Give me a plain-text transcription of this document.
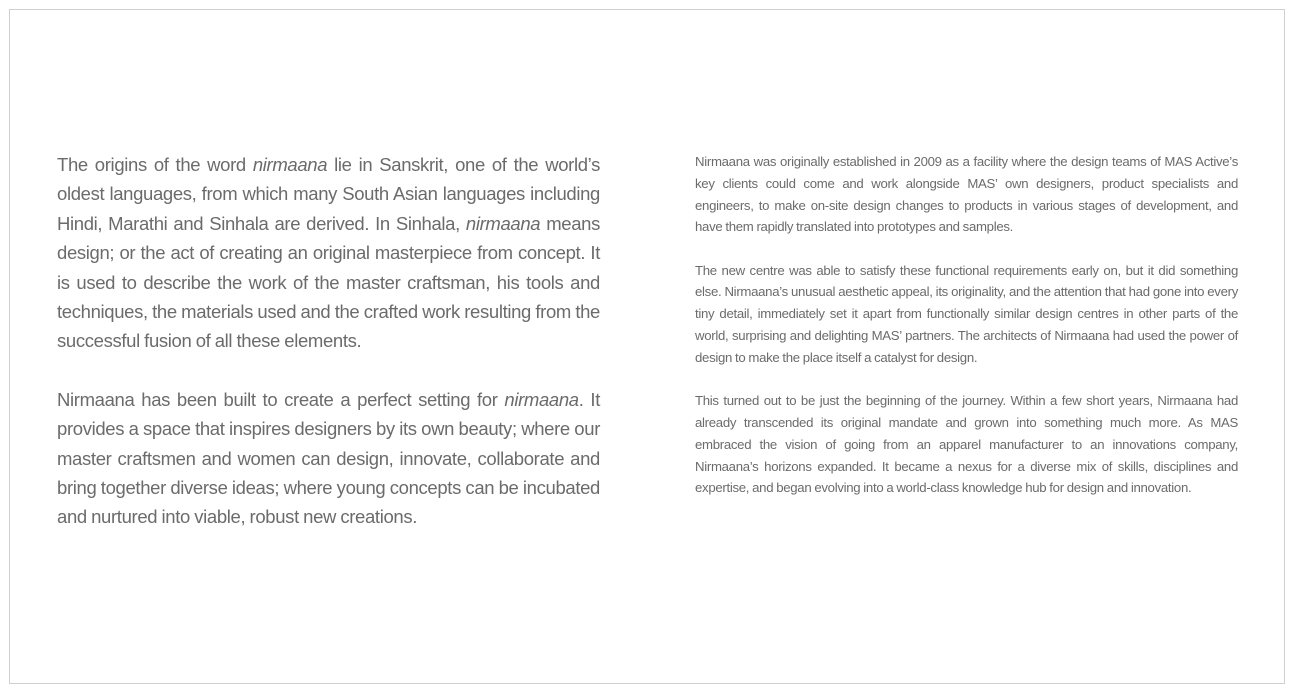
The origins of the word nirmaana lie in Sanskrit, one of the world’s oldest languages, from which many South Asian languages including Hindi, Marathi and Sinhala are derived. In Sinhala, nirmaana means design; or the act of creating an original masterpiece from concept. It is used to describe the work of the master craftsman, his tools and techniques, the materials used and the crafted work resulting from the successful fusion of all these elements.

Nirmaana has been built to create a perfect setting for nirmaana. It provides a space that inspires designers by its own beauty; where our master craftsmen and women can design, innovate, collaborate and bring together diverse ideas; where young concepts can be incubated and nurtured into viable, robust new creations.

Nirmaana was originally established in 2009 as a facility where the design teams of MAS Active’s key clients could come and work alongside MAS’ own designers, product specialists and engineers, to make on-site design changes to products in various stages of development, and have them rapidly translated into prototypes and samples.

The new centre was able to satisfy these functional requirements early on, but it did something else. Nirmaana’s unusual aesthetic appeal, its originality, and the attention that had gone into every tiny detail, immediately set it apart from functionally similar design centres in other parts of the world, surprising and delighting MAS’ partners. The architects of Nirmaana had used the power of design to make the place itself a catalyst for design.

This turned out to be just the beginning of the journey. Within a few short years, Nirmaana had already transcended its original mandate and grown into something much more. As MAS embraced the vision of going from an apparel manufacturer to an innovations company, Nirmaana’s horizons expanded. It became a nexus for a diverse mix of skills, disciplines and expertise, and began evolving into a world-class knowledge hub for design and innovation.
